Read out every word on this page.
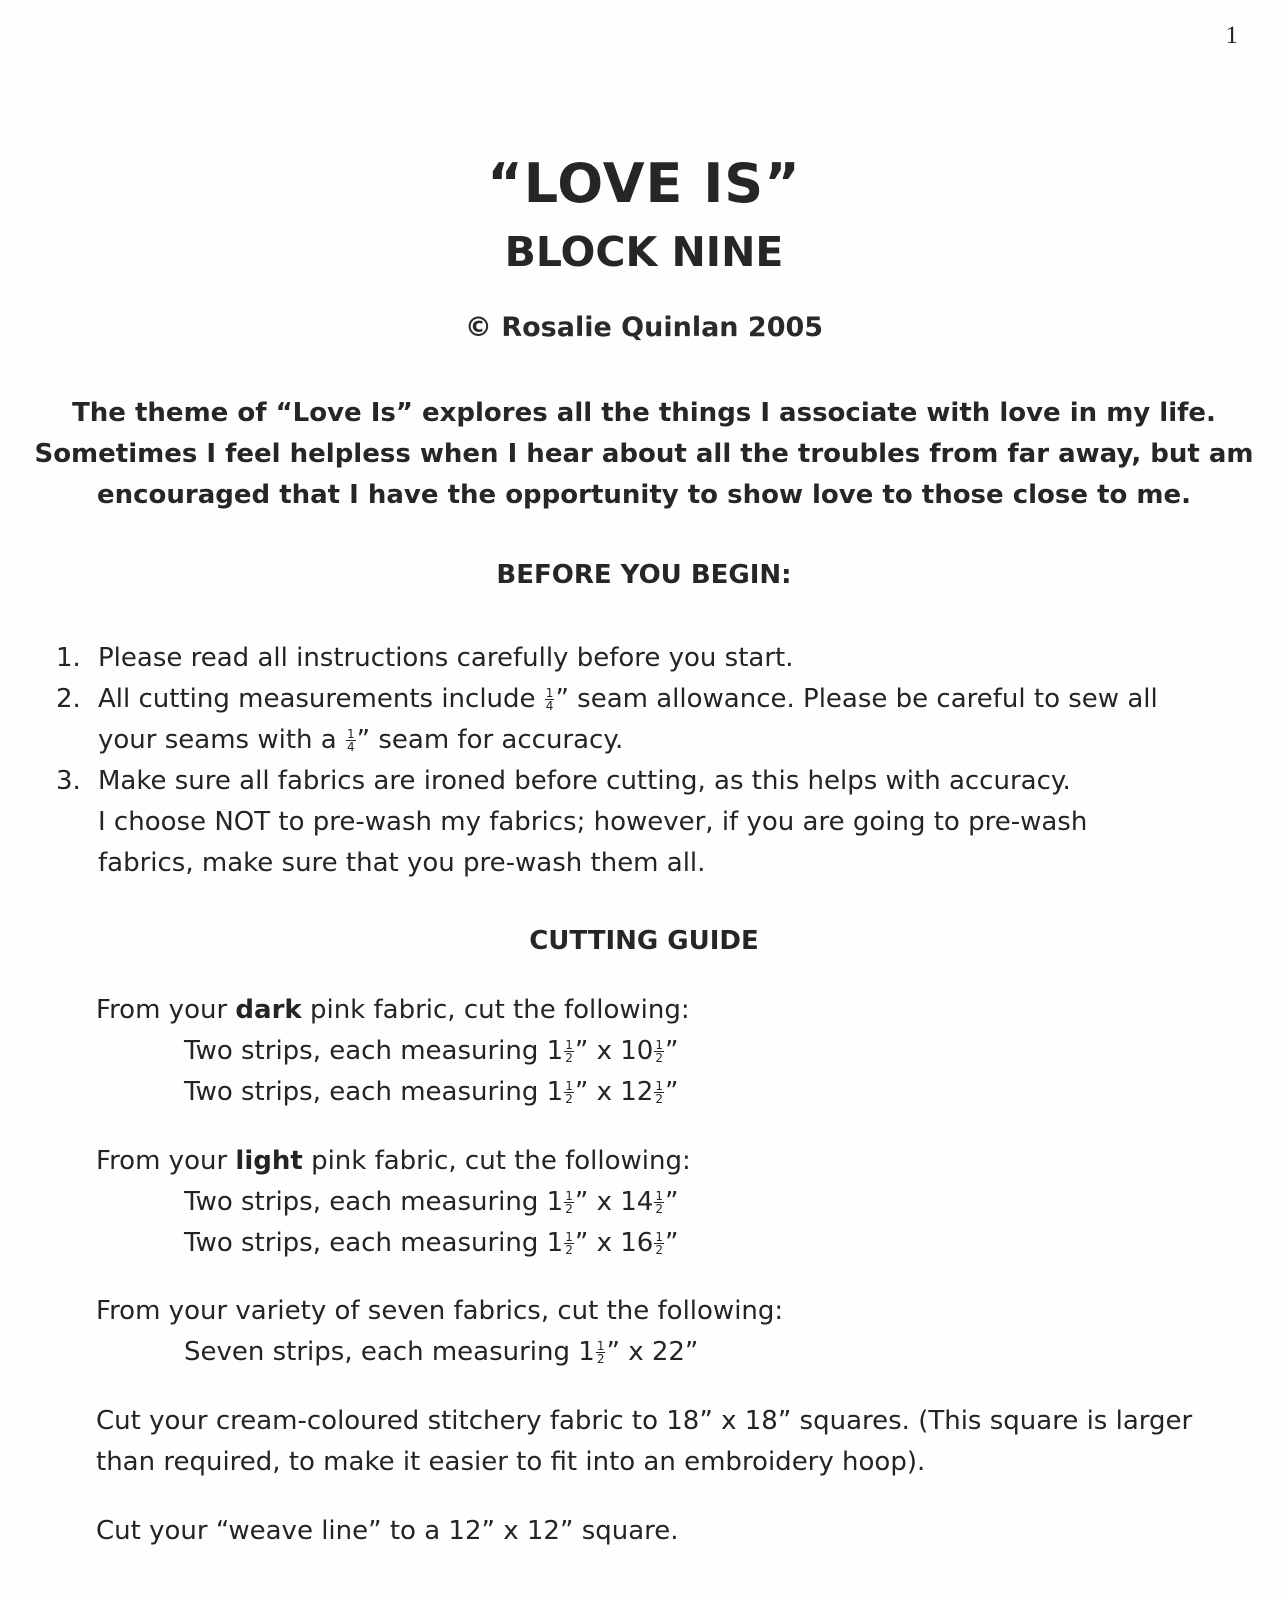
1
“LOVE IS”
BLOCK NINE
© Rosalie Quinlan 2005
The theme of “Love Is” explores all the things I associate with love in my life.
Sometimes I feel helpless when I hear about all the troubles from far away, but am
encouraged that I have the opportunity to show love to those close to me.
BEFORE YOU BEGIN:
1. Please read all instructions carefully before you start.
2. All cutting measurements include $\frac{1}{4}$ ” seam allowance. Please be careful to sew all
your seams with a $\frac{1}{4}$ ” seam for accuracy.
3. Make sure all fabrics are ironed before cutting, as this helps with accuracy.
I choose NOT to pre-wash my fabrics; however, if you are going to pre-wash
fabrics, make sure that you pre-wash them all.
CUTTING GUIDE
From your dark pink fabric, cut the following:
Two strips, each measuring $1 \frac{1}{2}$ ” x $10 \frac{1}{2}$ ”
Two strips, each measuring $1 \frac{1}{2}$ ” x $12 \frac{1}{2}$ ”
From your light pink fabric, cut the following:
Two strips, each measuring $1 \frac{1}{2}$ ” x $14 \frac{1}{2}$ ”
Two strips, each measuring $1 \frac{1}{2}$ ” x $16 \frac{1}{2}$ ”
From your variety of seven fabrics, cut the following:
Seven strips, each measuring $1 \frac{1}{2}$ ” x 22”
Cut your cream-coloured stitchery fabric to 18” x 18” squares. (This square is larger
than required, to make it easier to fit into an embroidery hoop).
Cut your “weave line” to a 12” x 12” square.
